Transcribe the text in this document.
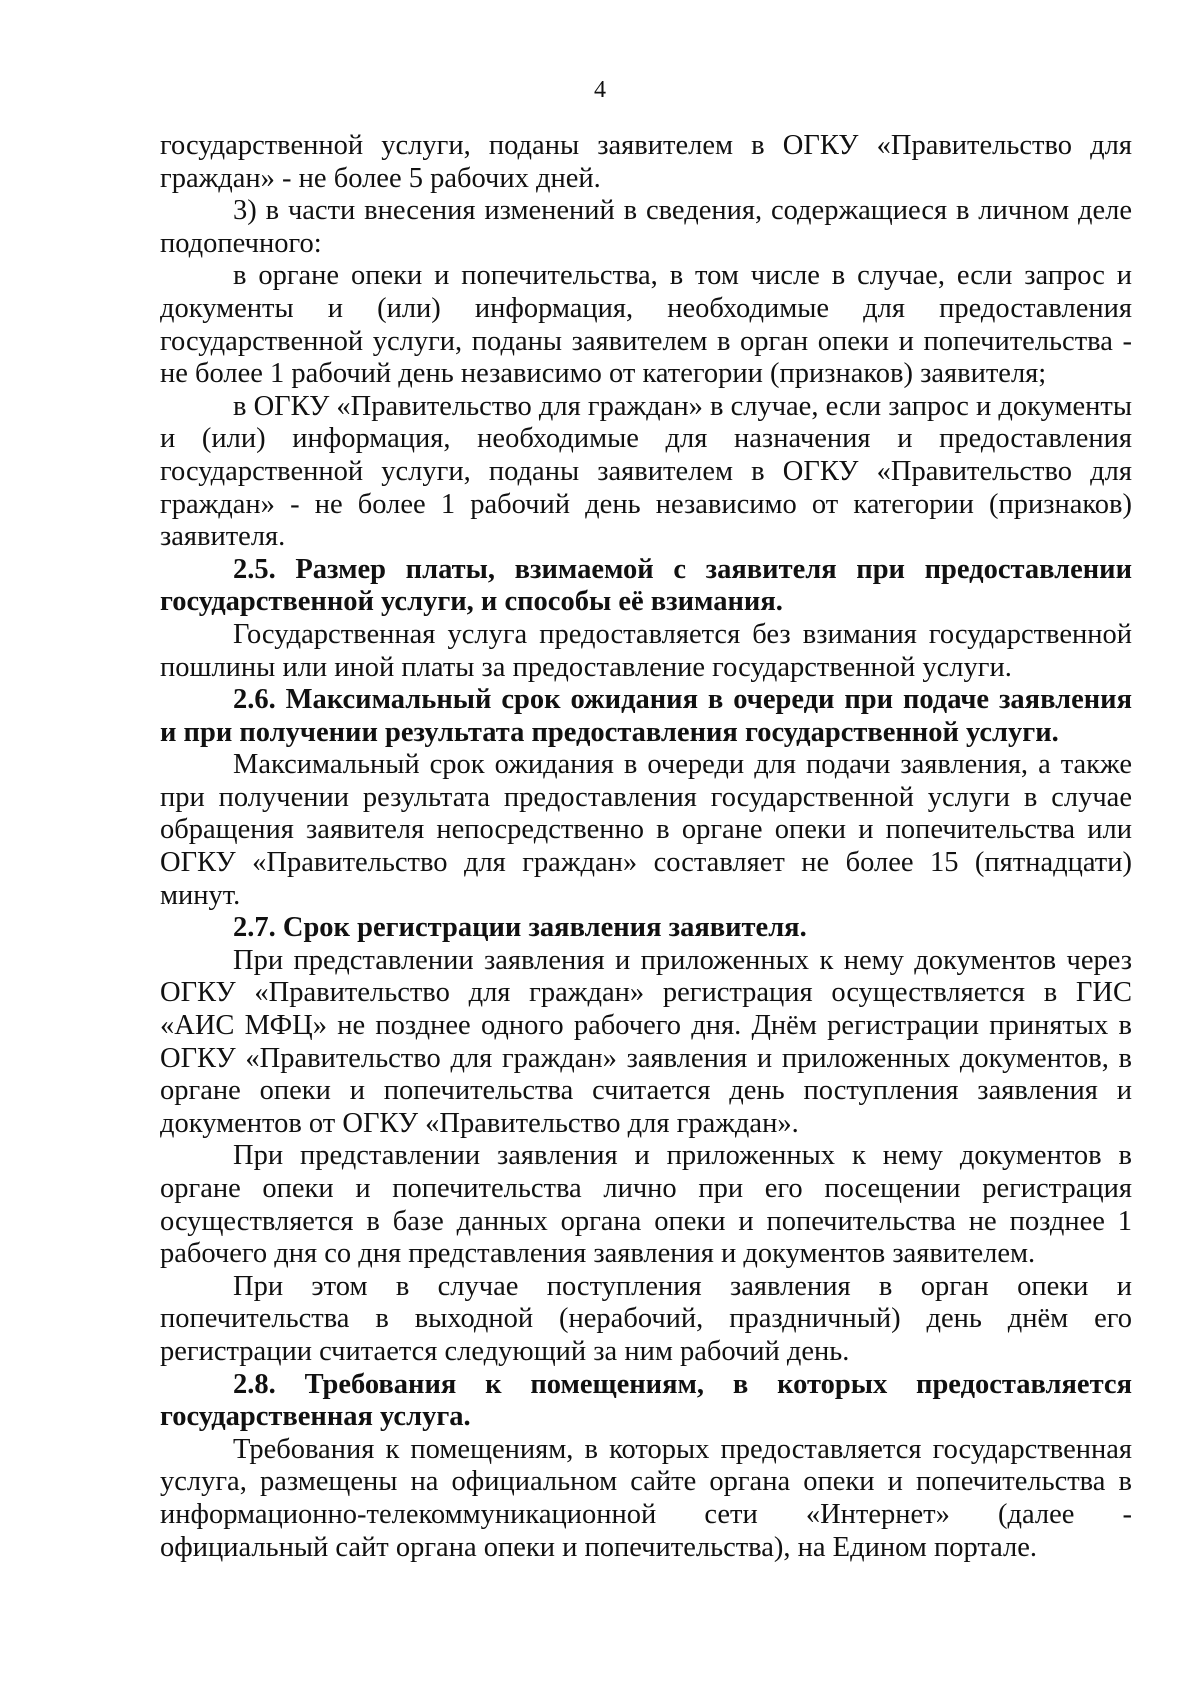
4

государственной услуги, поданы заявителем в ОГКУ «Правительство для граждан» - не более 5 рабочих дней.

3) в части внесения изменений в сведения, содержащиеся в личном деле подопечного:

в органе опеки и попечительства, в том числе в случае, если запрос и документы и (или) информация, необходимые для предоставления государственной услуги, поданы заявителем в орган опеки и попечительства - не более 1 рабочий день независимо от категории (признаков) заявителя;

в ОГКУ «Правительство для граждан» в случае, если запрос и документы и (или) информация, необходимые для назначения и предоставления государственной услуги, поданы заявителем в ОГКУ «Правительство для граждан» - не более 1 рабочий день независимо от категории (признаков) заявителя.

2.5. Размер платы, взимаемой с заявителя при предоставлении государственной услуги, и способы её взимания.

Государственная услуга предоставляется без взимания государственной пошлины или иной платы за предоставление государственной услуги.

2.6. Максимальный срок ожидания в очереди при подаче заявления и при получении результата предоставления государственной услуги.

Максимальный срок ожидания в очереди для подачи заявления, а также при получении результата предоставления государственной услуги в случае обращения заявителя непосредственно в органе опеки и попечительства или ОГКУ «Правительство для граждан» составляет не более 15 (пятнадцати) минут.

2.7. Срок регистрации заявления заявителя.

При представлении заявления и приложенных к нему документов через ОГКУ «Правительство для граждан» регистрация осуществляется в ГИС «АИС МФЦ» не позднее одного рабочего дня. Днём регистрации принятых в ОГКУ «Правительство для граждан» заявления и приложенных документов, в органе опеки и попечительства считается день поступления заявления и документов от ОГКУ «Правительство для граждан».

При представлении заявления и приложенных к нему документов в органе опеки и попечительства лично при его посещении регистрация осуществляется в базе данных органа опеки и попечительства не позднее 1 рабочего дня со дня представления заявления и документов заявителем.

При этом в случае поступления заявления в орган опеки и попечительства в выходной (нерабочий, праздничный) день днём его регистрации считается следующий за ним рабочий день.

2.8. Требования к помещениям, в которых предоставляется государственная услуга.

Требования к помещениям, в которых предоставляется государственная услуга, размещены на официальном сайте органа опеки и попечительства в информационно-телекоммуникационной сети «Интернет» (далее - официальный сайт органа опеки и попечительства), на Едином портале.
